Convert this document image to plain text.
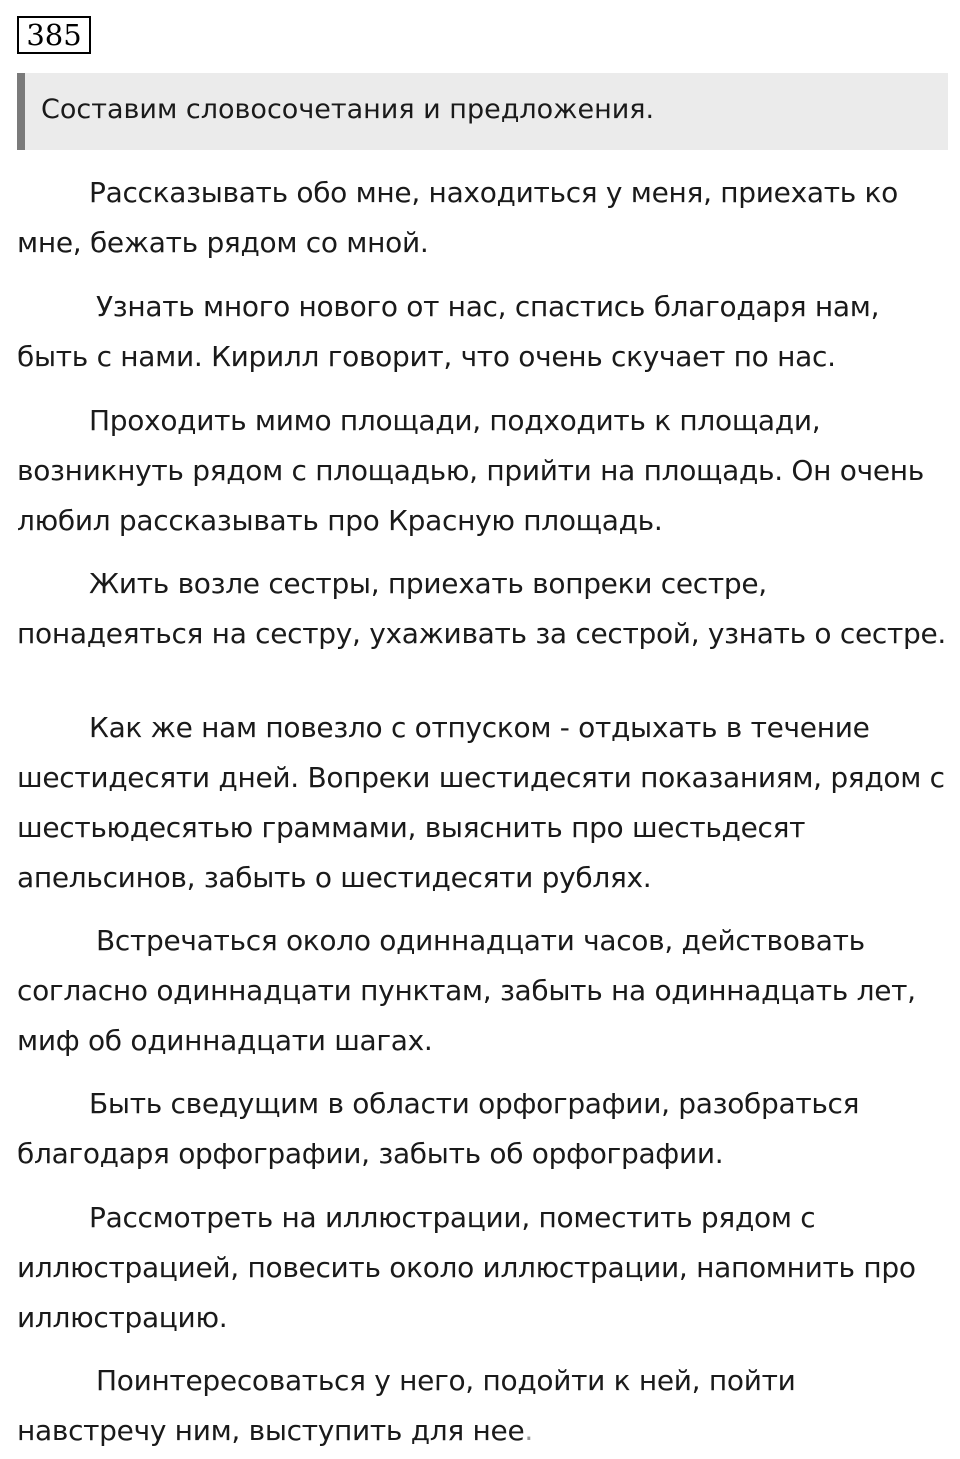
385
Составим словосочетания и предложения.

Рассказывать обо мне, находиться у меня, приехать ко мне, бежать рядом со мной.

Узнать много нового от нас, спастись благодаря нам, быть с нами. Кирилл говорит, что очень скучает по нас.

Проходить мимо площади, подходить к площади, возникнуть рядом с площадью, прийти на площадь. Он очень любил рассказывать про Красную площадь.

Жить возле сестры, приехать вопреки сестре, понадеяться на сестру, ухаживать за сестрой, узнать о сестре.

Как же нам повезло с отпуском - отдыхать в течение шестидесяти дней. Вопреки шестидесяти показаниям, рядом с шестьюдесятью граммами, выяснить про шестьдесят апельсинов, забыть о шестидесяти рублях.

Встречаться около одиннадцати часов, действовать согласно одиннадцати пунктам, забыть на одиннадцать лет, миф об одиннадцати шагах.

Быть сведущим в области орфографии, разобраться благодаря орфографии, забыть об орфографии.

Рассмотреть на иллюстрации, поместить рядом с иллюстрацией, повесить около иллюстрации, напомнить про иллюстрацию.

Поинтересоваться у него, подойти к ней, пойти навстречу ним, выступить для нее.
